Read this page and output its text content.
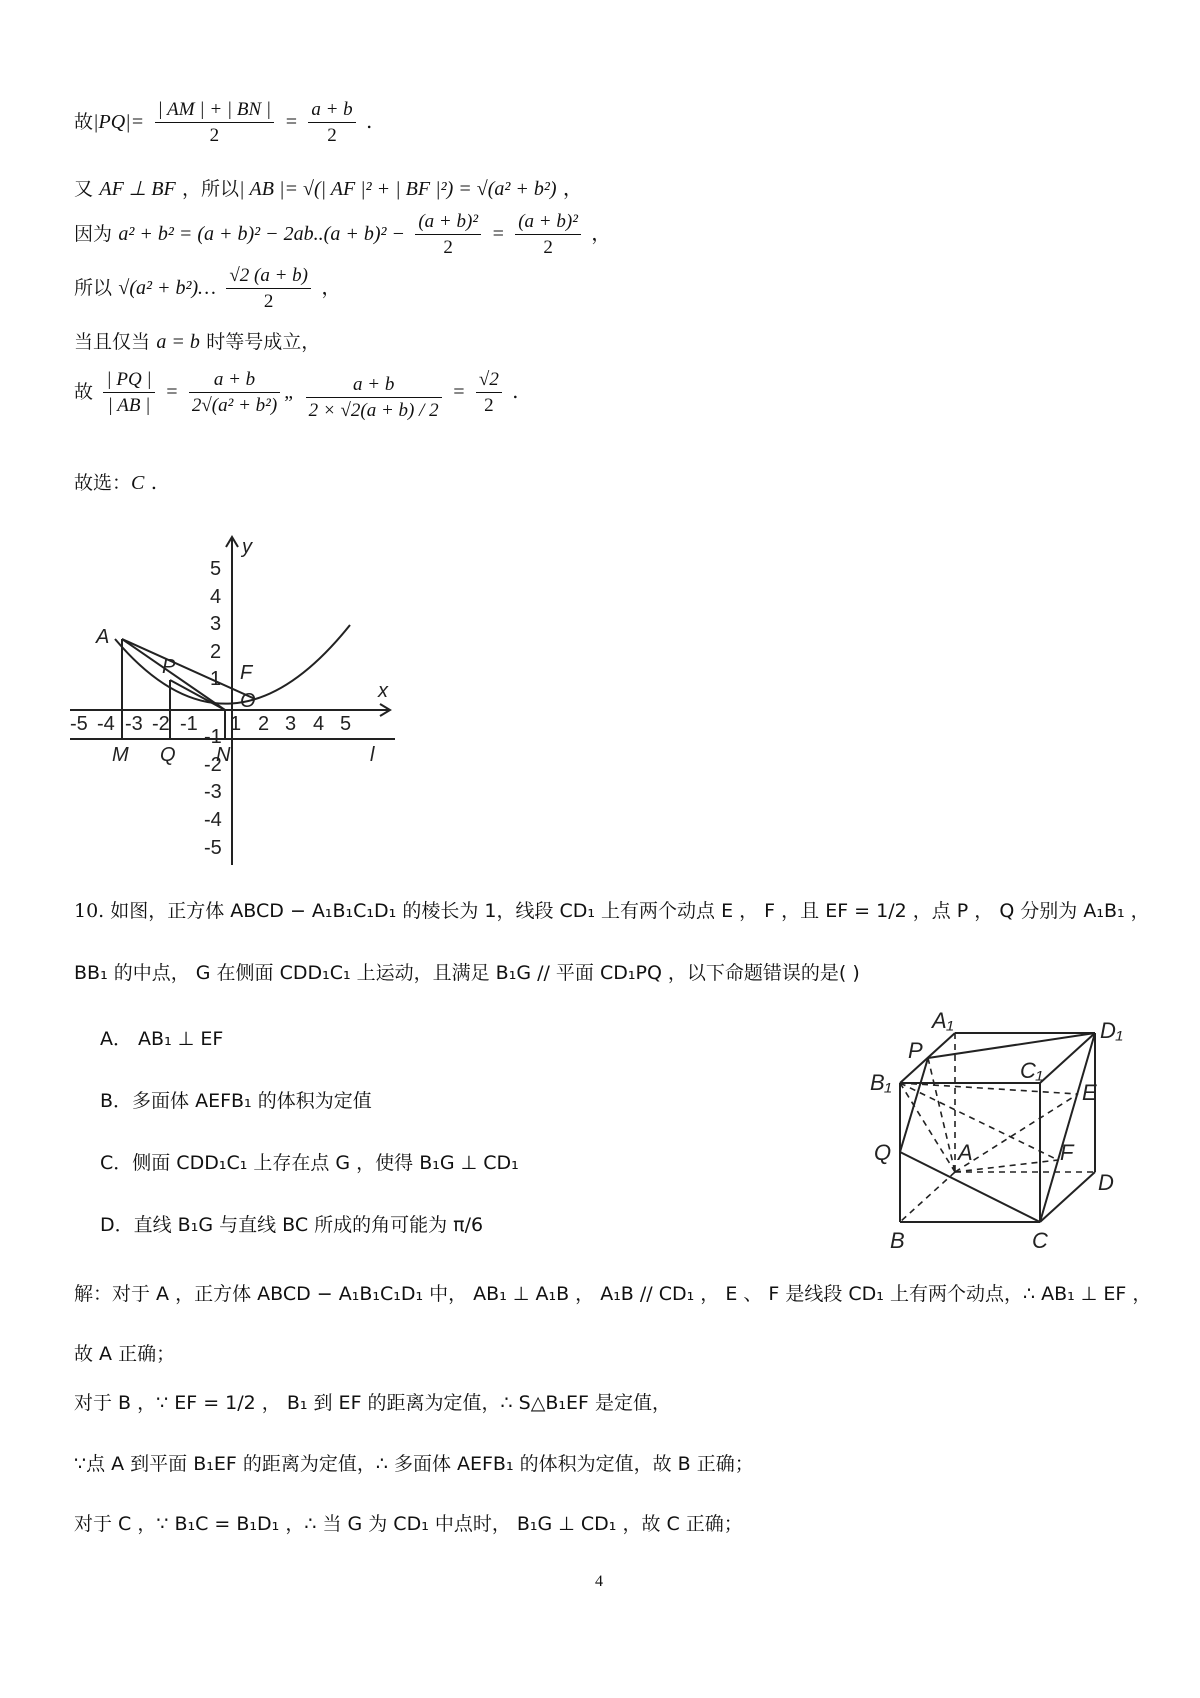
故$|PQ|= \frac{| AM | + | BN |}{2} = \frac{a + b}{2}$ .
又 AF ⊥ BF ，所以| AB |= √(| AF |² + | BF |²) = √(a² + b²) ，
因为 $a^2 + b^2 = (a + b)^2 - 2ab..(a + b)^2 - \frac{\text{(a + b)²}}{2} = \frac{\text{(a + b)²}}{2}$ ，
所以 √(a² + b²)… $\frac{√2 (a + b)}{2}$ ，
当且仅当 a = b 时等号成立，
故 $\frac{| PQ |}{| AB |} = \frac{a + b}{\text{2√(a² + b²)}}$ „ $\frac{a + b}{2 \times √2(a + b) / 2} = \frac{√2}{2}$ .
故选：C .
y
x
l
A
P	F
O
M Q N
-5 -4 -3 -2 -1 1 2 3 4 5
5
4
3
2
1
-1
-2
-3
-4
-5
10. 如图，正方体 ABCD − A₁B₁C₁D₁ 的棱长为 1，线段 CD₁ 上有两个动点 E ， F ，且 EF = 1/2 ，点 P ， Q 分别为 A₁B₁ ，
BB₁ 的中点， G 在侧面 CDD₁C₁ 上运动，且满足 B₁G // 平面 CD₁PQ ，以下命题错误的是( )
A． AB₁ ⊥ EF
B．多面体 AEFB₁ 的体积为定值
C．侧面 CDD₁C₁ 上存在点 G ，使得 B₁G ⊥ CD₁
D．直线 B₁G 与直线 BC 所成的角可能为 π/6
A₁	D₁
P
C₁
B₁	E
A	F
Q
D
B	C
解：对于 A ，正方体 ABCD − A₁B₁C₁D₁ 中， AB₁ ⊥ A₁B ， A₁B // CD₁ ， E 、 F 是线段 CD₁ 上有两个动点，∴ AB₁ ⊥ EF ，
故 A 正确；
对于 B ，∵ EF = 1/2 ， B₁ 到 EF 的距离为定值，∴ S△B₁EF 是定值，
∵点 A 到平面 B₁EF 的距离为定值，∴ 多面体 AEFB₁ 的体积为定值，故 B 正确；
对于 C ，∵ B₁C = B₁D₁ ，∴ 当 G 为 CD₁ 中点时， B₁G ⊥ CD₁ ，故 C 正确；
4
